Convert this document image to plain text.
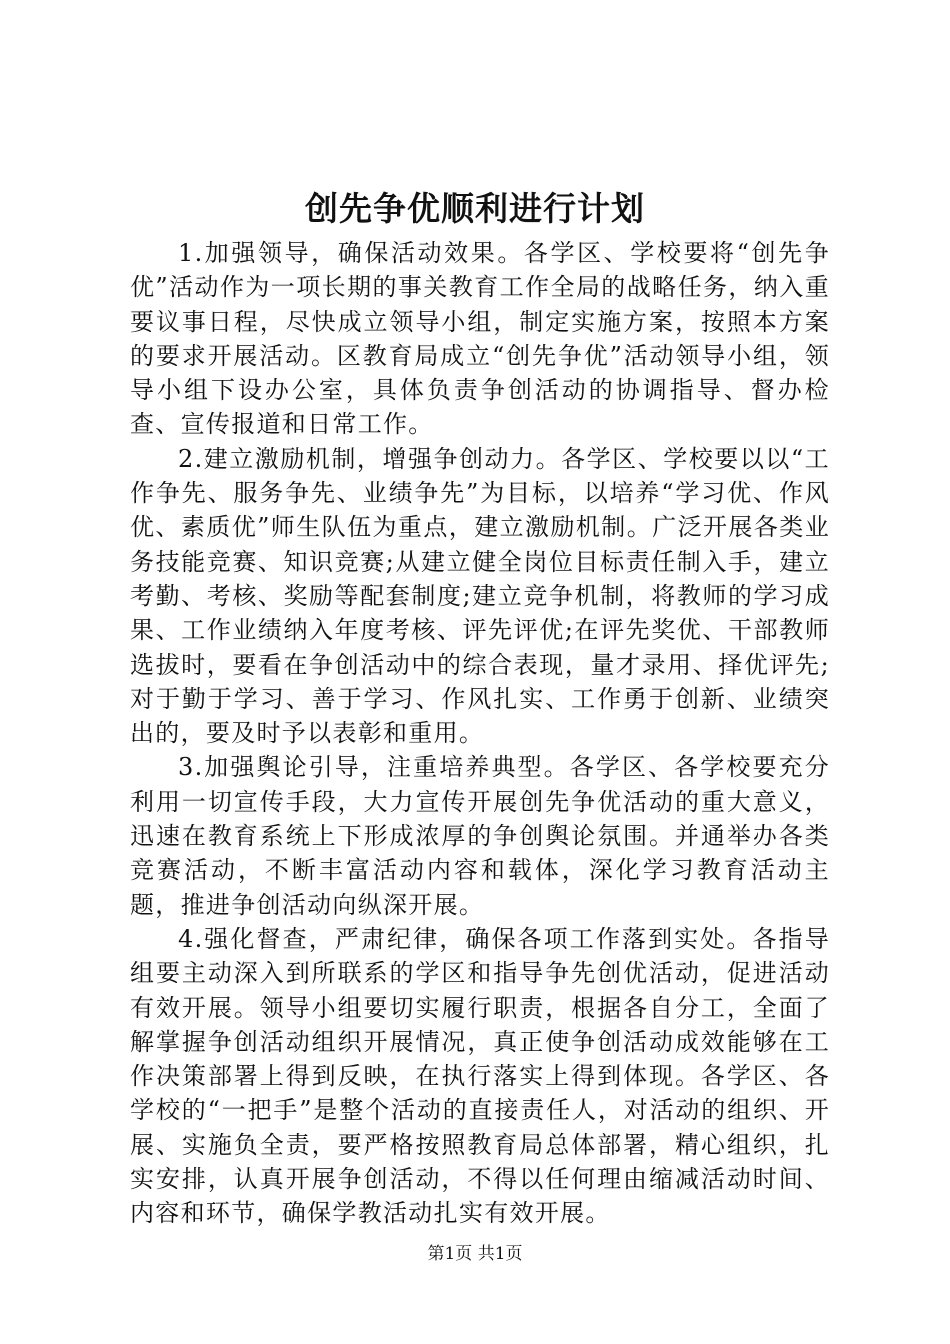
创先争优顺利进行计划

1.加强领导，确保活动效果。各学区、学校要将“创先争优”活动作为一项长期的事关教育工作全局的战略任务，纳入重要议事日程，尽快成立领导小组，制定实施方案，按照本方案的要求开展活动。区教育局成立“创先争优”活动领导小组，领导小组下设办公室，具体负责争创活动的协调指导、督办检查、宣传报道和日常工作。

2.建立激励机制，增强争创动力。各学区、学校要以以“工作争先、服务争先、业绩争先”为目标，以培养“学习优、作风优、素质优”师生队伍为重点，建立激励机制。广泛开展各类业务技能竞赛、知识竞赛;从建立健全岗位目标责任制入手，建立考勤、考核、奖励等配套制度;建立竞争机制，将教师的学习成果、工作业绩纳入年度考核、评先评优;在评先奖优、干部教师选拔时，要看在争创活动中的综合表现，量才录用、择优评先;对于勤于学习、善于学习、作风扎实、工作勇于创新、业绩突出的，要及时予以表彰和重用。

3.加强舆论引导，注重培养典型。各学区、各学校要充分利用一切宣传手段，大力宣传开展创先争优活动的重大意义，迅速在教育系统上下形成浓厚的争创舆论氛围。并通举办各类竞赛活动，不断丰富活动内容和载体，深化学习教育活动主题，推进争创活动向纵深开展。

4.强化督查，严肃纪律，确保各项工作落到实处。各指导组要主动深入到所联系的学区和指导争先创优活动，促进活动有效开展。领导小组要切实履行职责，根据各自分工，全面了解掌握争创活动组织开展情况，真正使争创活动成效能够在工作决策部署上得到反映，在执行落实上得到体现。各学区、各学校的“一把手”是整个活动的直接责任人，对活动的组织、开展、实施负全责，要严格按照教育局总体部署，精心组织，扎实安排，认真开展争创活动，不得以任何理由缩减活动时间、内容和环节，确保学教活动扎实有效开展。

第1页 共1页
